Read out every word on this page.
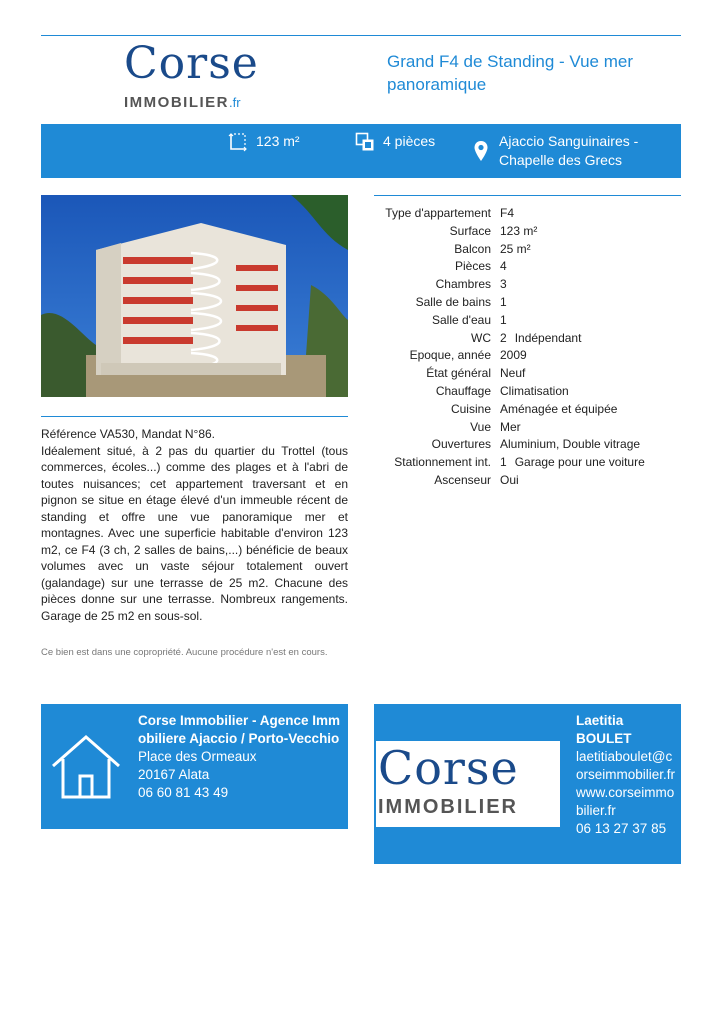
Corse
IMMOBILIER.fr
Grand F4 de Standing - Vue mer panoramique
123 m²	4 pièces	Ajaccio Sanguinaires - Chapelle des Grecs
Type d'appartement	F4
Surface	123 m²
Balcon	25 m²
Pièces	4
Chambres	3
Salle de bains	1
Salle d'eau	1
WC	2 Indépendant
Epoque, année	2009
État général	Neuf
Chauffage	Climatisation
Cuisine	Aménagée et équipée
Vue	Mer
Ouvertures	Aluminium, Double vitrage
Stationnement int.	1 Garage pour une voiture
Ascenseur	Oui

Référence VA530, Mandat N°86.

Idéalement situé, à 2 pas du quartier du Trottel (tous commerces, écoles...) comme des plages et à l'abri de toutes nuisances; cet appartement traversant et en pignon se situe en étage élevé d'un immeuble récent de standing et offre une vue panoramique mer et montagnes. Avec une superficie habitable d'environ 123 m2, ce F4 (3 ch, 2 salles de bains,...) bénéficie de beaux volumes avec un vaste séjour totalement ouvert (galandage) sur une terrasse de 25 m2. Chacune des pièces donne sur une terrasse. Nombreux rangements. Garage de 25 m2 en sous-sol.

Ce bien est dans une copropriété. Aucune procédure n'est en cours.

Corse Immobilier - Agence Immobiliere Ajaccio / Porto-Vecchio
Place des Ormeaux
20167 Alata
06 60 81 43 49	Corse
IMMOBILIER
Laetitia BOULET
laetitiaboulet@corseimmobilier.fr
www.corseimmobilier.fr
06 13 27 37 85
